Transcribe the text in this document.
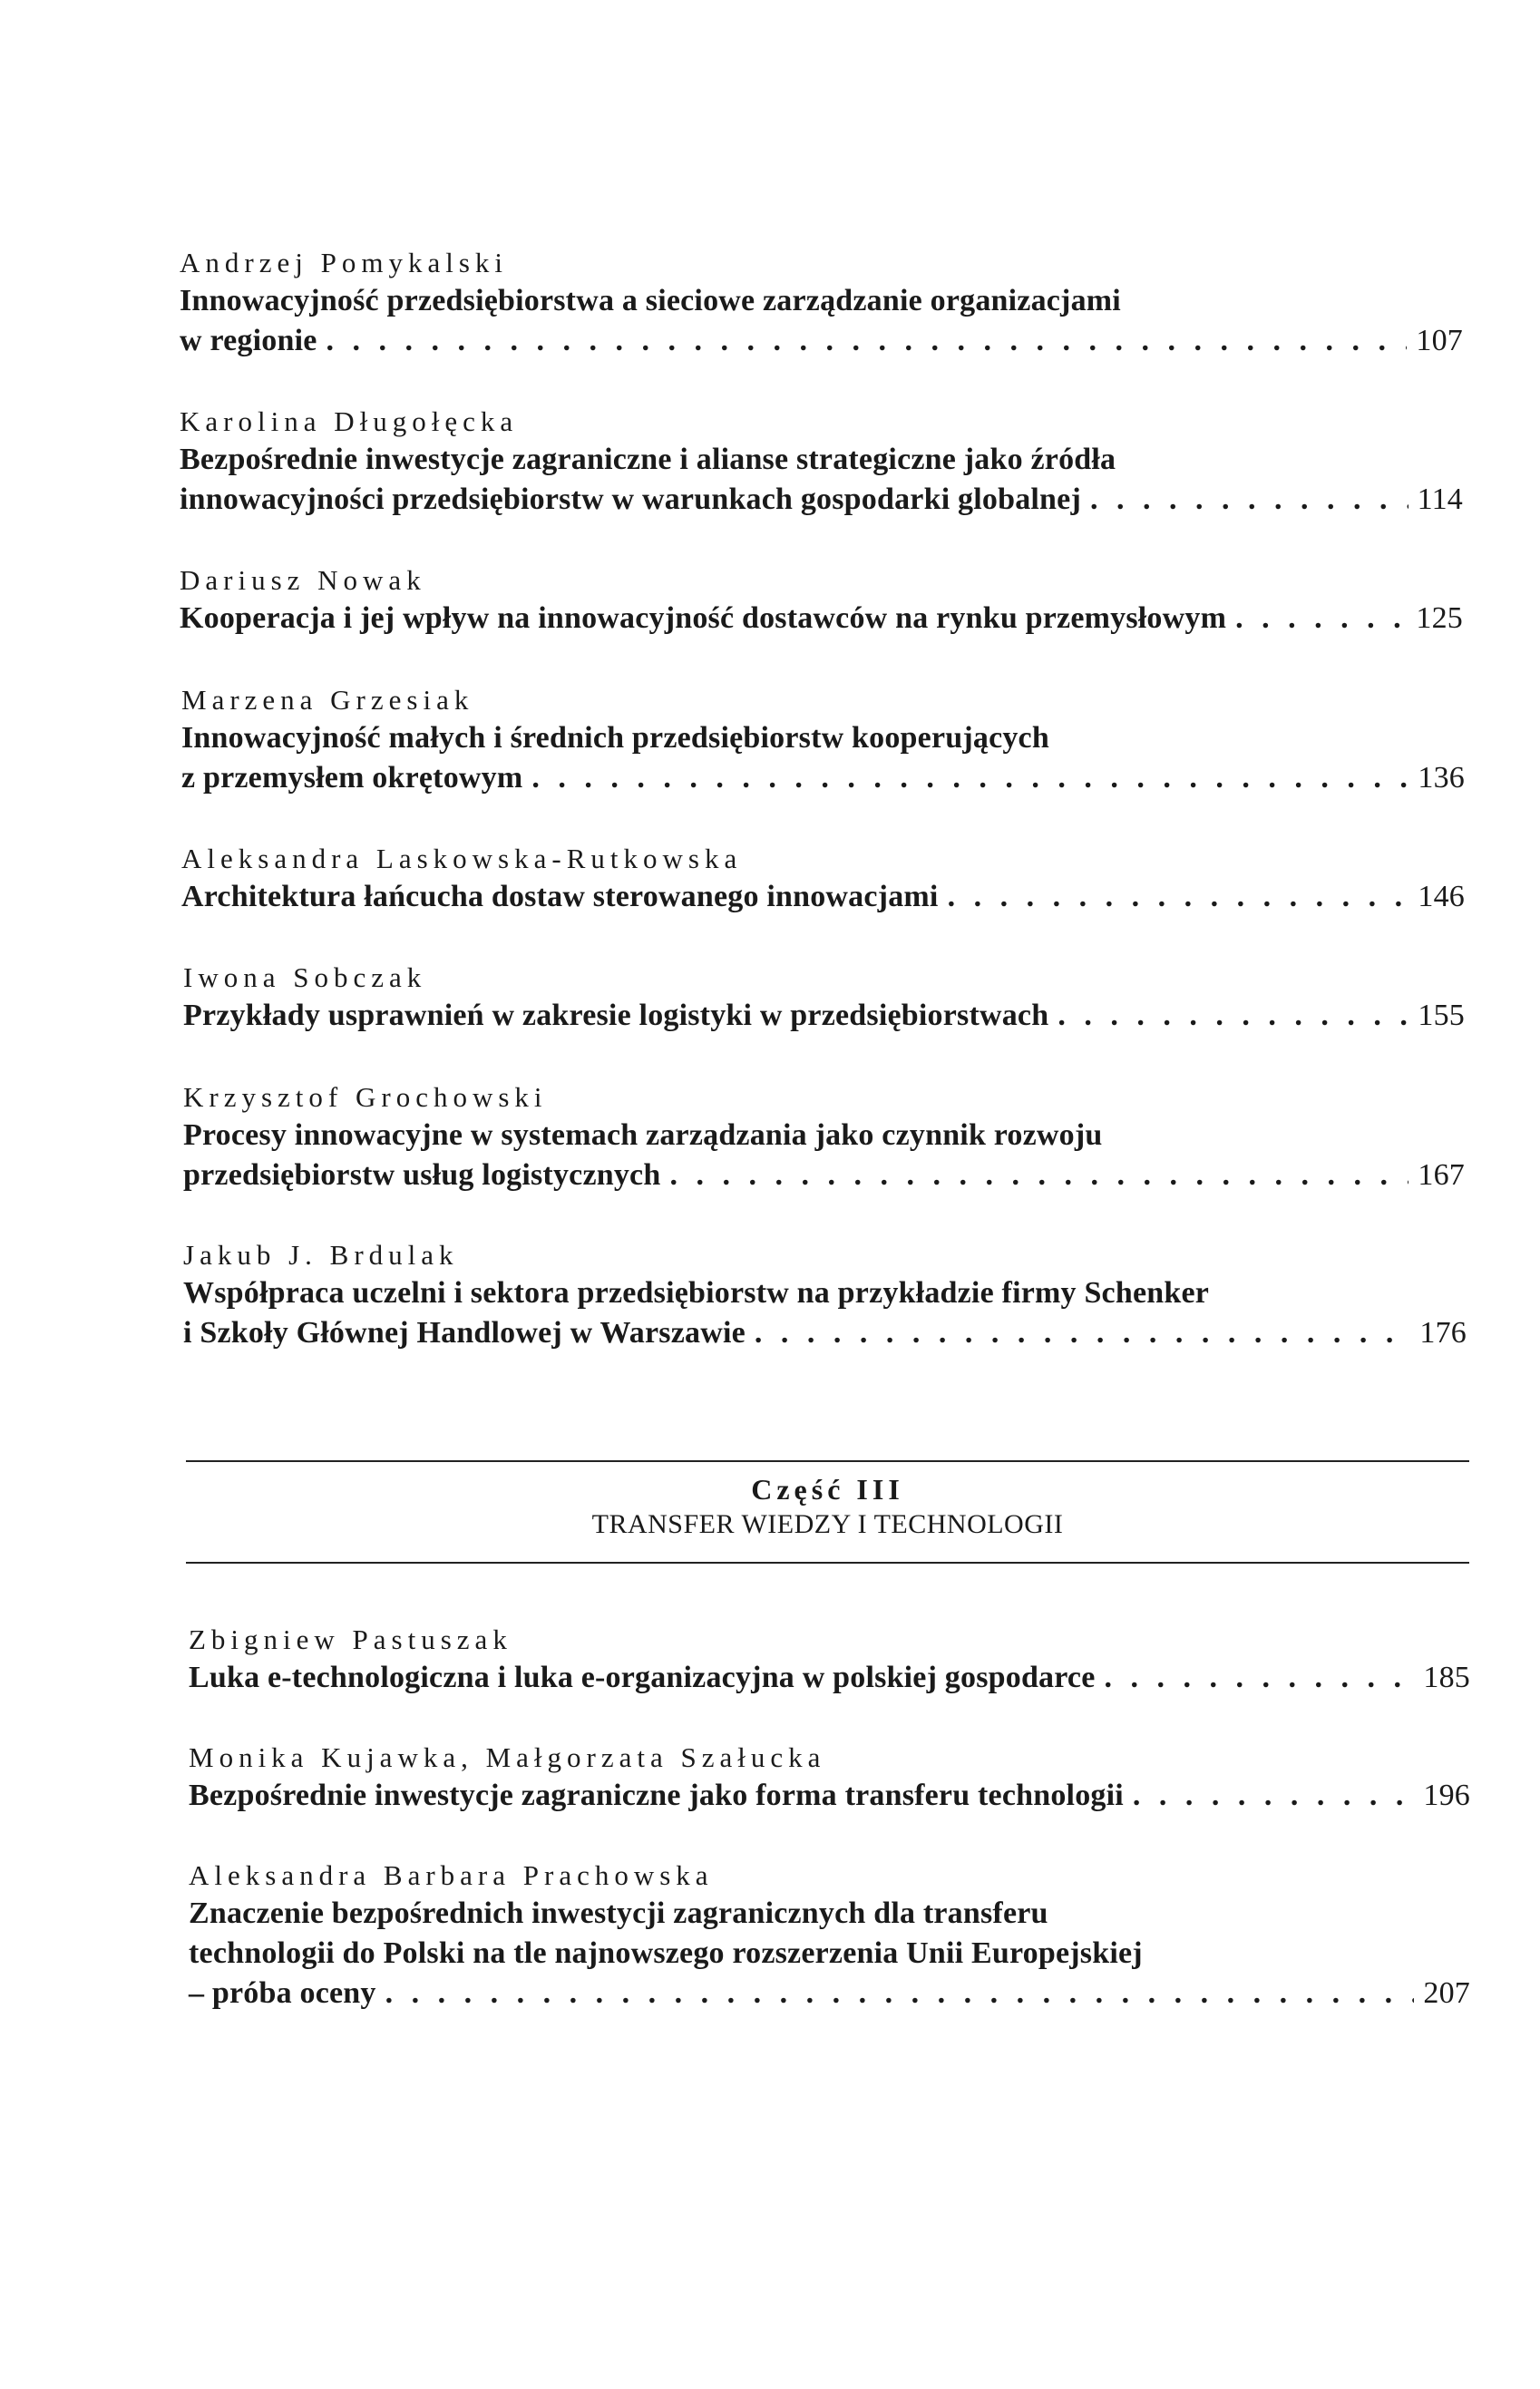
Andrzej Pomykalski
Innowacyjność przedsiębiorstwa a sieciowe zarządzanie organizacjami
w regionie . . .	107
Karolina Długołęcka
Bezpośrednie inwestycje zagraniczne i alianse strategiczne jako źródła
innowacyjności przedsiębiorstw w warunkach gospodarki globalnej . . .	114
Dariusz Nowak
Kooperacja i jej wpływ na innowacyjność dostawców na rynku przemysłowym . . .	125
Marzena Grzesiak
Innowacyjność małych i średnich przedsiębiorstw kooperujących
z przemysłem okrętowym . . .	136
Aleksandra Laskowska-Rutkowska
Architektura łańcucha dostaw sterowanego innowacjami . . .	146
Iwona Sobczak
Przykłady usprawnień w zakresie logistyki w przedsiębiorstwach . . .	155
Krzysztof Grochowski
Procesy innowacyjne w systemach zarządzania jako czynnik rozwoju
przedsiębiorstw usług logistycznych . . .	167
Jakub J. Brdulak
Współpraca uczelni i sektora przedsiębiorstw na przykładzie firmy Schenker
i Szkoły Głównej Handlowej w Warszawie . . .	176
Część III
TRANSFER WIEDZY I TECHNOLOGII
Zbigniew Pastuszak
Luka e-technologiczna i luka e-organizacyjna w polskiej gospodarce . . .	185
Monika Kujawka, Małgorzata Szałucka
Bezpośrednie inwestycje zagraniczne jako forma transferu technologii . . .	196
Aleksandra Barbara Prachowska
Znaczenie bezpośrednich inwestycji zagranicznych dla transferu
technologii do Polski na tle najnowszego rozszerzenia Unii Europejskiej
– próba oceny . . .	207
